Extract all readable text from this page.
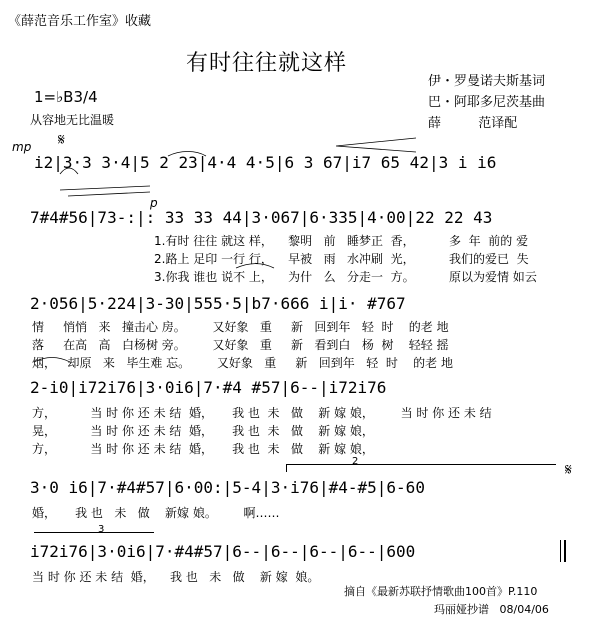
《薛范音乐工作室》收藏
有时往往就这样
伊・罗曼诺夫斯基词
巴・阿耶多尼茨基曲
薛         范译配
1=♭B3/4
从容地无比温暖
mp 𝄋
p
𝄋
2
3
i2|3·3 3·4|5 2 23|4·4 4·5|6 3 67|i7 65 42|3 i i6
7#4#56|73-:|: 33 33 44|3·067|6·335|4·00|22 22 43
1.有时 往往 就这 样，    黎明   前   睡梦正  香，         多  年  前的 爱
2.路上 足印 一行 行，    早被   雨   水冲刷  光，         我们的爱已  失
3.你我 谁也 说不 上，    为什   么   分走一  方。         原以为爱情 如云
2·056|5·224|3-30|555·5|b7·666 i|i· #767
情     悄悄   来   撞击心 房。       又好象   重     新   回到年   轻  时    的老 地
落     在高   高   白杨树 旁。       又好象   重     新   看到白   杨  树    轻轻 摇
烟，   却原   来   毕生难 忘。       又好象   重     新   回到年   轻  时    的老 地
2-i0|i72i76|3·0i6|7·#4 #57|6--|i72i76
方，         当 时 你 还 未 结  婚，     我 也  未   做    新 嫁 娘，       当 时 你 还 未 结
晃，         当 时 你 还 未 结  婚，     我 也  未   做    新 嫁 娘，
方，         当 时 你 还 未 结  婚，     我 也  未   做    新 嫁 娘，
3·0 i6|7·#4#57|6·00:|5-4|3·i76|#4-#5|6-60
婚，     我 也   未   做    新嫁 娘。       啊……
i72i76|3·0i6|7·#4#57|6--|6--|6--|6--|600
当 时 你 还 未 结  婚，    我 也   未   做    新 嫁  娘。
摘自《最新苏联抒情歌曲100首》P.110
玛丽娅抄谱   08/04/06
